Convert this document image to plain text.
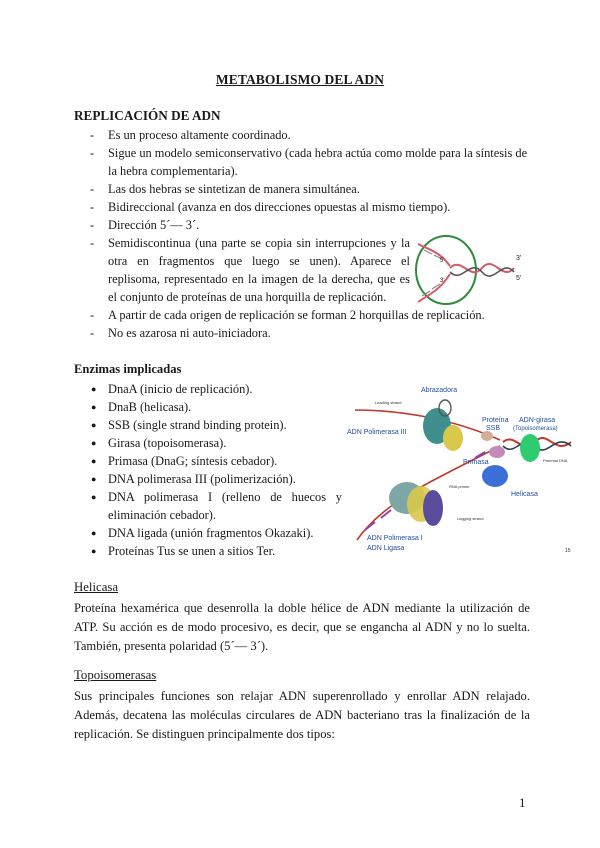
METABOLISMO DEL ADN
REPLICACIÓN DE ADN
- Es un proceso altamente coordinado.
- Sigue un modelo semiconservativo (cada hebra actúa como molde para la síntesis de la hebra complementaria).
- Las dos hebras se sintetizan de manera simultánea.
- Bidireccional (avanza en dos direcciones opuestas al mismo tiempo).
- Dirección 5´— 3´.
- Semidiscontinua (una parte se copia sin interrupciones y la otra en fragmentos que luego se unen). Aparece el replisoma, representado en la imagen de la derecha, que es el conjunto de proteínas de una horquilla de replicación.
- A partir de cada origen de replicación se forman 2 horquillas de replicación.
- No es azarosa ni auto-iniciadora.
3'
5'
5'
3'
Enzimas implicadas
● DnaA (inicio de replicación).
● DnaB (helicasa).
● SSB (single strand binding protein).
● Girasa (topoisomerasa).
● Primasa (DnaG; síntesis cebador).
● DNA polimerasa III (polimerización).
● DNA polimerasa I (relleno de huecos y eliminación cebador).
● DNA ligada (unión fragmentos Okazaki).
● Proteínas Tus se unen a sitios Ter.
Abrazadora
Proteína
SSB
ADN-girasa
(Topoisomerasa)
ADN Polimerasa III
Primasa
Helicasa
ADN Polimerasa I
ADN Ligasa
Leading strand
Lagging strand
RNA primer
Parental DNA
15
Helicasa
Proteína hexamérica que desenrolla la doble hélice de ADN mediante la utilización de ATP. Su acción es de modo procesivo, es decir, que se engancha al ADN y no lo suelta. También, presenta polaridad (5´— 3´).
Topoisomerasas
Sus principales funciones son relajar ADN superenrollado y enrollar ADN relajado. Además, decatena las moléculas circulares de ADN bacteriano tras la finalización de la replicación. Se distinguen principalmente dos tipos:
1
